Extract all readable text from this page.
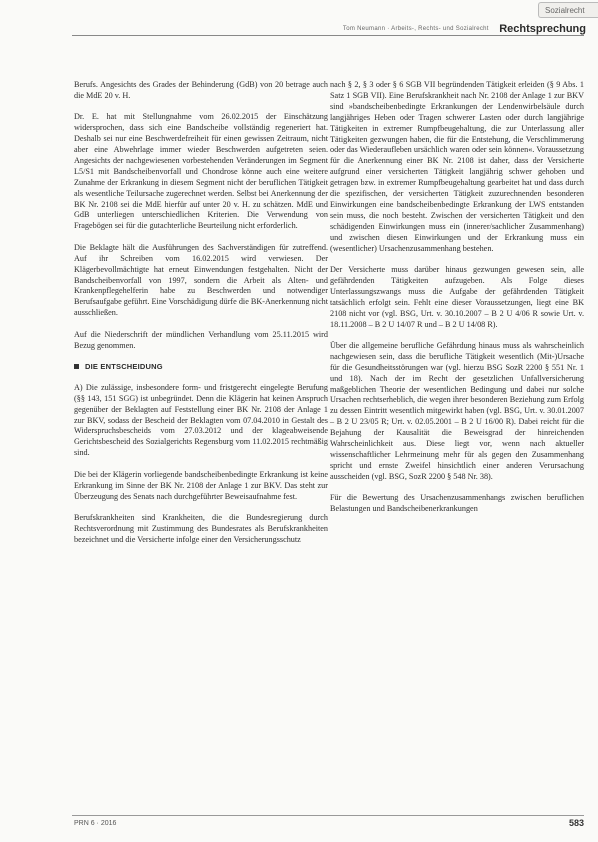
Sozialrecht
Tom Neumann · Arbeits-, Rechts- und Sozialrecht Rechtsprechung

Berufs. Angesichts des Grades der Behinderung (GdB) von 20 betrage auch die MdE 20 v. H.

Dr. E. hat mit Stellungnahme vom 26.02.2015 der Einschätzung widersprochen, dass sich eine Bandscheibe vollständig regeneriert hat. Deshalb sei nur eine Beschwerdefreiheit für einen gewissen Zeitraum, nicht aber eine Abwehrlage immer wieder Beschwerden aufgetreten seien. Angesichts der nachgewiesenen vorbestehenden Veränderungen im Segment L5/S1 mit Bandscheibenvorfall und Chondrose könne auch eine weitere Zunahme der Erkrankung in diesem Segment nicht der beruflichen Tätigkeit als wesentliche Teilursache zugerechnet werden. Selbst bei Anerkennung der BK Nr. 2108 sei die MdE hierfür auf unter 20 v. H. zu schätzen. MdE und GdB unterliegen unterschiedlichen Kriterien. Die Verwendung von Fragebögen sei für die gutachterliche Beurteilung nicht erforderlich.

Die Beklagte hält die Ausführungen des Sachverständigen für zutreffend. Auf ihr Schreiben vom 16.02.2015 wird verwiesen. Der Klägerbevollmächtigte hat erneut Einwendungen festgehalten. Nicht der Bandscheibenvorfall von 1997, sondern die Arbeit als Alten- und Krankenpflegehelferin habe zu Beschwerden und notwendiger Berufsaufgabe geführt. Eine Vorschädigung dürfe die BK-Anerkennung nicht ausschließen.

Auf die Niederschrift der mündlichen Verhandlung vom 25.11.2015 wird Bezug genommen.

DIE ENTSCHEIDUNG

A) Die zulässige, insbesondere form- und fristgerecht eingelegte Berufung (§§ 143, 151 SGG) ist unbegründet. Denn die Klägerin hat keinen Anspruch gegenüber der Beklagten auf Feststellung einer BK Nr. 2108 der Anlage 1 zur BKV, sodass der Bescheid der Beklagten vom 07.04.2010 in Gestalt des Widerspruchsbescheids vom 27.03.2012 und der klageabweisende Gerichtsbescheid des Sozialgerichts Regensburg vom 11.02.2015 rechtmäßig sind.

Die bei der Klägerin vorliegende bandscheibenbedingte Erkrankung ist keine Erkrankung im Sinne der BK Nr. 2108 der Anlage 1 zur BKV. Das steht zur Überzeugung des Senats nach durchgeführter Beweisaufnahme fest.

Berufskrankheiten sind Krankheiten, die die Bundesregierung durch Rechtsverordnung mit Zustimmung des Bundesrates als Berufskrankheiten bezeichnet und die Versicherte infolge einer den Versicherungsschutz

nach § 2, § 3 oder § 6 SGB VII begründenden Tätigkeit erleiden (§ 9 Abs. 1 Satz 1 SGB VII). Eine Berufskrankheit nach Nr. 2108 der Anlage 1 zur BKV sind »bandscheibenbedingte Erkrankungen der Lendenwirbelsäule durch langjähriges Heben oder Tragen schwerer Lasten oder durch langjährige Tätigkeiten in extremer Rumpfbeugehaltung, die zur Unterlassung aller Tätigkeiten gezwungen haben, die für die Entstehung, die Verschlimmerung oder das Wiederaufleben ursächlich waren oder sein können«. Voraussetzung für die Anerkennung einer BK Nr. 2108 ist daher, dass der Versicherte aufgrund einer versicherten Tätigkeit langjährig schwer gehoben und getragen bzw. in extremer Rumpfbeugehaltung gearbeitet hat und dass durch die spezifischen, der versicherten Tätigkeit zuzurechnenden besonderen Einwirkungen eine bandscheibenbedingte Erkrankung der LWS entstanden sein muss, die noch besteht. Zwischen der versicherten Tätigkeit und den schädigenden Einwirkungen muss ein (innerer/sachlicher Zusammenhang) und zwischen diesen Einwirkungen und der Erkrankung muss ein (wesentlicher) Ursachenzusammenhang bestehen.

Der Versicherte muss darüber hinaus gezwungen gewesen sein, alle gefährdenden Tätigkeiten aufzugeben. Als Folge dieses Unterlassungszwangs muss die Aufgabe der gefährdenden Tätigkeit tatsächlich erfolgt sein. Fehlt eine dieser Voraussetzungen, liegt eine BK 2108 nicht vor (vgl. BSG, Urt. v. 30.10.2007 – B 2 U 4/06 R sowie Urt. v. 18.11.2008 – B 2 U 14/07 R und – B 2 U 14/08 R).

Über die allgemeine berufliche Gefährdung hinaus muss als wahrscheinlich nachgewiesen sein, dass die berufliche Tätigkeit wesentlich (Mit-)Ursache für die Gesundheitsstörungen war (vgl. hierzu BSG SozR 2200 § 551 Nr. 1 und 18). Nach der im Recht der gesetzlichen Unfallversicherung maßgeblichen Theorie der wesentlichen Bedingung und dabei nur solche Ursachen rechtserheblich, die wegen ihrer besonderen Beziehung zum Erfolg zu dessen Eintritt wesentlich mitgewirkt haben (vgl. BSG, Urt. v. 30.01.2007 – B 2 U 23/05 R; Urt. v. 02.05.2001 – B 2 U 16/00 R). Dabei reicht für die Bejahung der Kausalität die Beweisgrad der hinreichenden Wahrscheinlichkeit aus. Diese liegt vor, wenn nach aktueller wissenschaftlicher Lehrmeinung mehr für als gegen den Zusammenhang spricht und ernste Zweifel hinsichtlich einer anderen Verursachung ausscheiden (vgl. BSG, SozR 2200 § 548 Nr. 38).

Für die Bewertung des Ursachenzusammenhangs zwischen beruflichen Belastungen und Bandscheibenerkrankungen

PRN 6 · 2016	583
